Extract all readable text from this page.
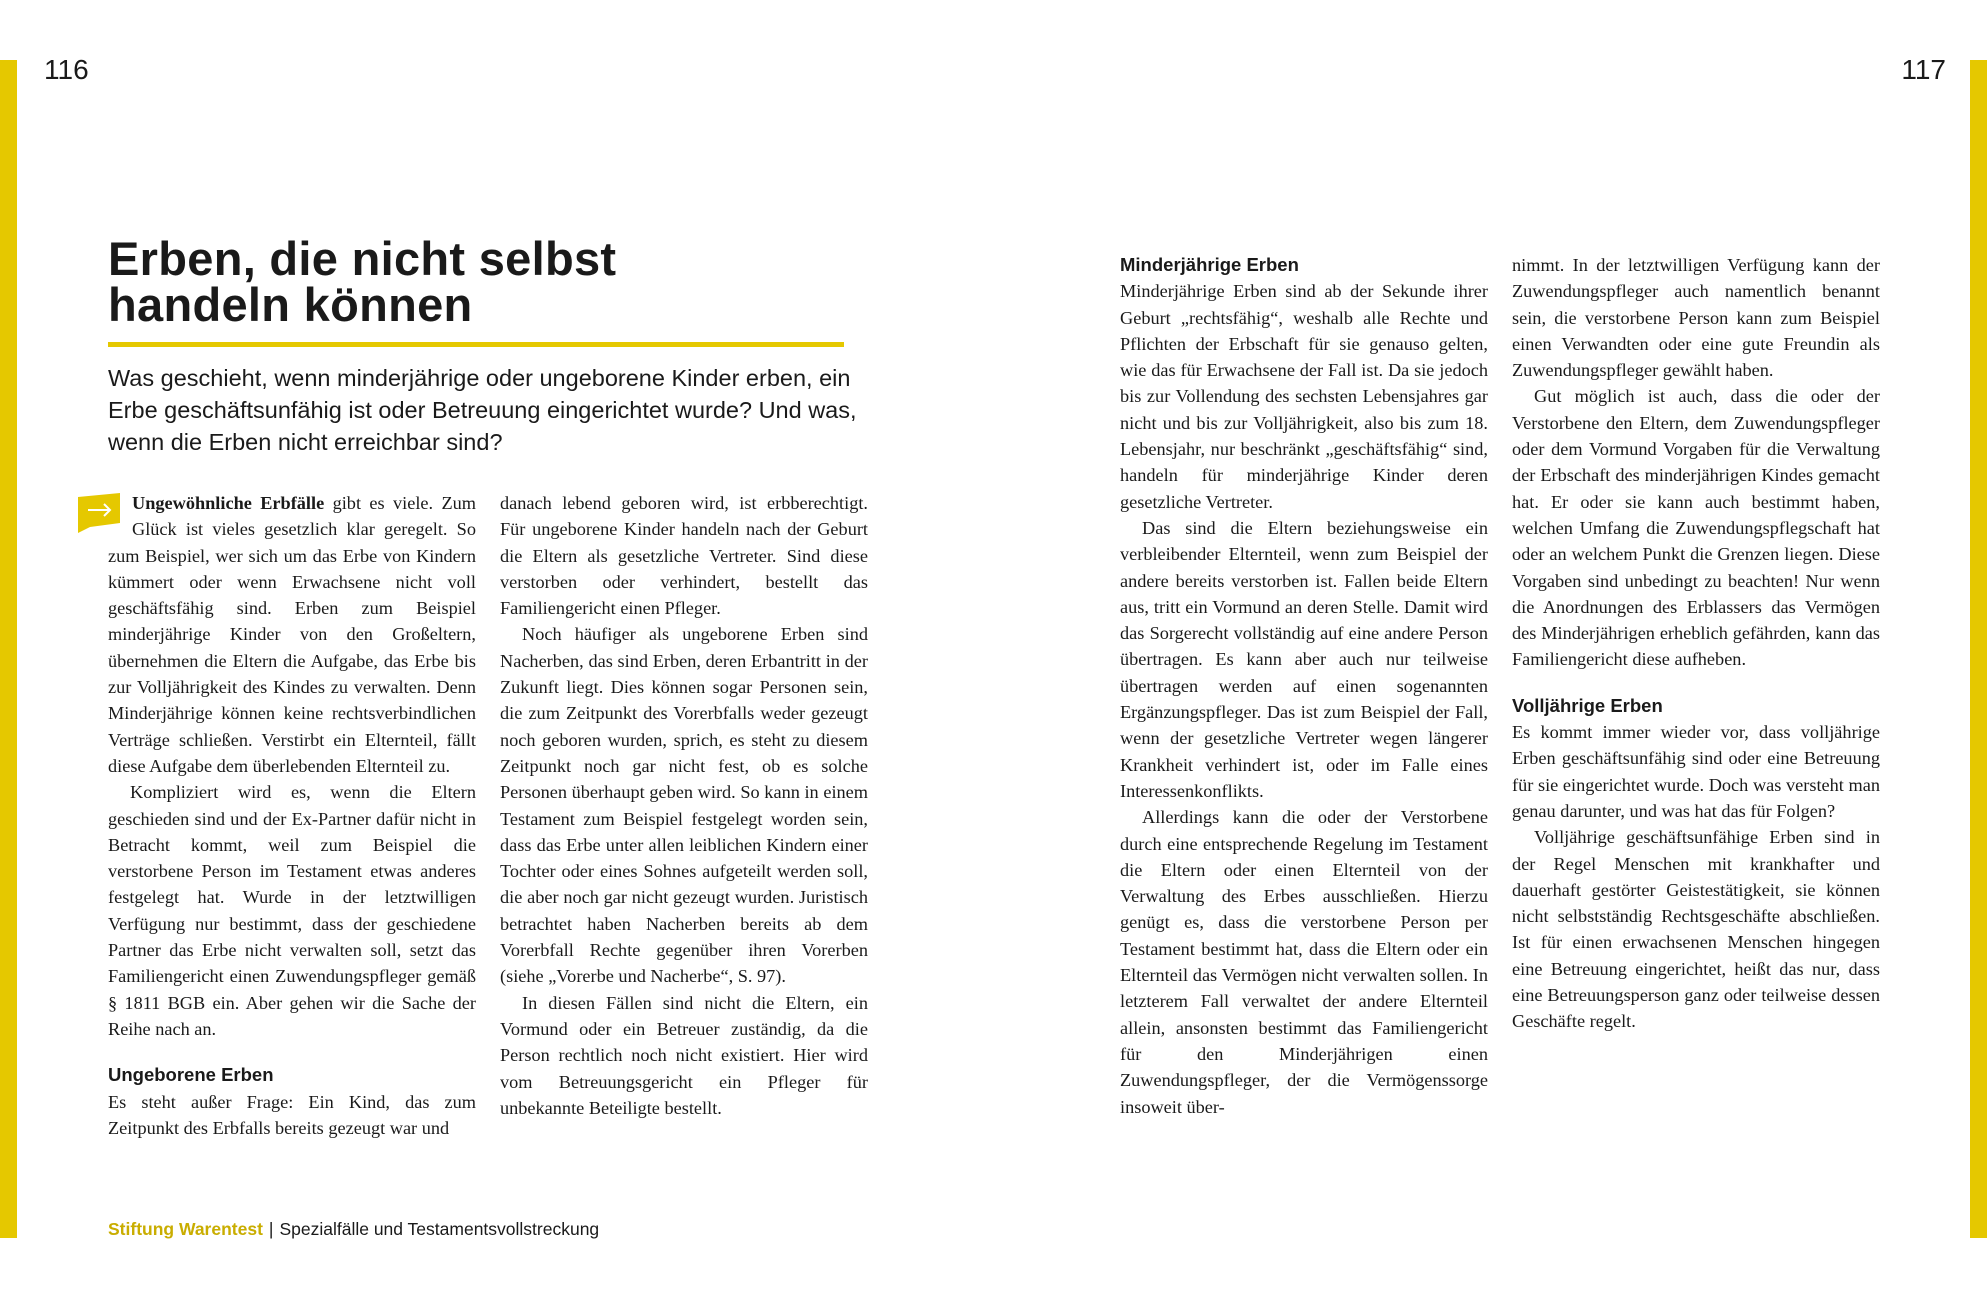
116	117
Erben, die nicht selbst
handeln können

Was geschieht, wenn minderjährige oder ungeborene Kinder erben, ein Erbe geschäftsunfähig ist oder Betreuung eingerichtet wurde? Und was, wenn die Erben nicht erreichbar sind?

Ungewöhnliche Erbfälle gibt es viele. Zum Glück ist vieles gesetzlich klar geregelt. So zum Beispiel, wer sich um das Erbe von Kindern kümmert oder wenn Erwachsene nicht voll geschäftsfähig sind. Erben zum Beispiel minderjährige Kinder von den Großeltern, übernehmen die Eltern die Aufgabe, das Erbe bis zur Volljährigkeit des Kindes zu verwalten. Denn Minderjährige können keine rechtsverbindlichen Verträge schließen. Verstirbt ein Elternteil, fällt diese Aufgabe dem überlebenden Elternteil zu.

Kompliziert wird es, wenn die Eltern geschieden sind und der Ex-Partner dafür nicht in Betracht kommt, weil zum Beispiel die verstorbene Person im Testament etwas anderes festgelegt hat. Wurde in der letztwilligen Verfügung nur bestimmt, dass der geschiedene Partner das Erbe nicht verwalten soll, setzt das Familiengericht einen Zuwendungspfleger gemäß § 1811 BGB ein. Aber gehen wir die Sache der Reihe nach an.

Ungeborene Erben

Es steht außer Frage: Ein Kind, das zum Zeitpunkt des Erbfalls bereits gezeugt war und

danach lebend geboren wird, ist erbberechtigt. Für ungeborene Kinder handeln nach der Geburt die Eltern als gesetzliche Vertreter. Sind diese verstorben oder verhindert, bestellt das Familiengericht einen Pfleger.

Noch häufiger als ungeborene Erben sind Nacherben, das sind Erben, deren Erbantritt in der Zukunft liegt. Dies können sogar Personen sein, die zum Zeitpunkt des Vorerbfalls weder gezeugt noch geboren wurden, sprich, es steht zu diesem Zeitpunkt noch gar nicht fest, ob es solche Personen überhaupt geben wird. So kann in einem Testament zum Beispiel festgelegt worden sein, dass das Erbe unter allen leiblichen Kindern einer Tochter oder eines Sohnes aufgeteilt werden soll, die aber noch gar nicht gezeugt wurden. Juristisch betrachtet haben Nacherben bereits ab dem Vorerbfall Rechte gegenüber ihren Vorerben (siehe „Vorerbe und Nacherbe“, S. 97).

In diesen Fällen sind nicht die Eltern, ein Vormund oder ein Betreuer zuständig, da die Person rechtlich noch nicht existiert. Hier wird vom Betreuungsgericht ein Pfleger für unbekannte Beteiligte bestellt.

Minderjährige Erben

Minderjährige Erben sind ab der Sekunde ihrer Geburt „rechtsfähig“, weshalb alle Rechte und Pflichten der Erbschaft für sie genauso gelten, wie das für Erwachsene der Fall ist. Da sie jedoch bis zur Vollendung des sechsten Lebensjahres gar nicht und bis zur Volljährigkeit, also bis zum 18. Lebensjahr, nur beschränkt „geschäftsfähig“ sind, handeln für minderjährige Kinder deren gesetzliche Vertreter.

Das sind die Eltern beziehungsweise ein verbleibender Elternteil, wenn zum Beispiel der andere bereits verstorben ist. Fallen beide Eltern aus, tritt ein Vormund an deren Stelle. Damit wird das Sorgerecht vollständig auf eine andere Person übertragen. Es kann aber auch nur teilweise übertragen werden auf einen sogenannten Ergänzungspfleger. Das ist zum Beispiel der Fall, wenn der gesetzliche Vertreter wegen längerer Krankheit verhindert ist, oder im Falle eines Interessenkonflikts.

Allerdings kann die oder der Verstorbene durch eine entsprechende Regelung im Testament die Eltern oder einen Elternteil von der Verwaltung des Erbes ausschließen. Hierzu genügt es, dass die verstorbene Person per Testament bestimmt hat, dass die Eltern oder ein Elternteil das Vermögen nicht verwalten sollen. In letzterem Fall verwaltet der andere Elternteil allein, ansonsten bestimmt das Familiengericht für den Minderjährigen einen Zuwendungspfleger, der die Vermögenssorge insoweit über-

nimmt. In der letztwilligen Verfügung kann der Zuwendungspfleger auch namentlich benannt sein, die verstorbene Person kann zum Beispiel einen Verwandten oder eine gute Freundin als Zuwendungspfleger gewählt haben.

Gut möglich ist auch, dass die oder der Verstorbene den Eltern, dem Zuwendungspfleger oder dem Vormund Vorgaben für die Verwaltung der Erbschaft des minderjährigen Kindes gemacht hat. Er oder sie kann auch bestimmt haben, welchen Umfang die Zuwendungspflegschaft hat oder an welchem Punkt die Grenzen liegen. Diese Vorgaben sind unbedingt zu beachten! Nur wenn die Anordnungen des Erblassers das Vermögen des Minderjährigen erheblich gefährden, kann das Familiengericht diese aufheben.

Volljährige Erben

Es kommt immer wieder vor, dass volljährige Erben geschäftsunfähig sind oder eine Betreuung für sie eingerichtet wurde. Doch was versteht man genau darunter, und was hat das für Folgen?

Volljährige geschäftsunfähige Erben sind in der Regel Menschen mit krankhafter und dauerhaft gestörter Geistestätigkeit, sie können nicht selbstständig Rechtsgeschäfte abschließen. Ist für einen erwachsenen Menschen hingegen eine Betreuung eingerichtet, heißt das nur, dass eine Betreuungsperson ganz oder teilweise dessen Geschäfte regelt.

Stiftung Warentest | Spezialfälle und Testamentsvollstreckung
